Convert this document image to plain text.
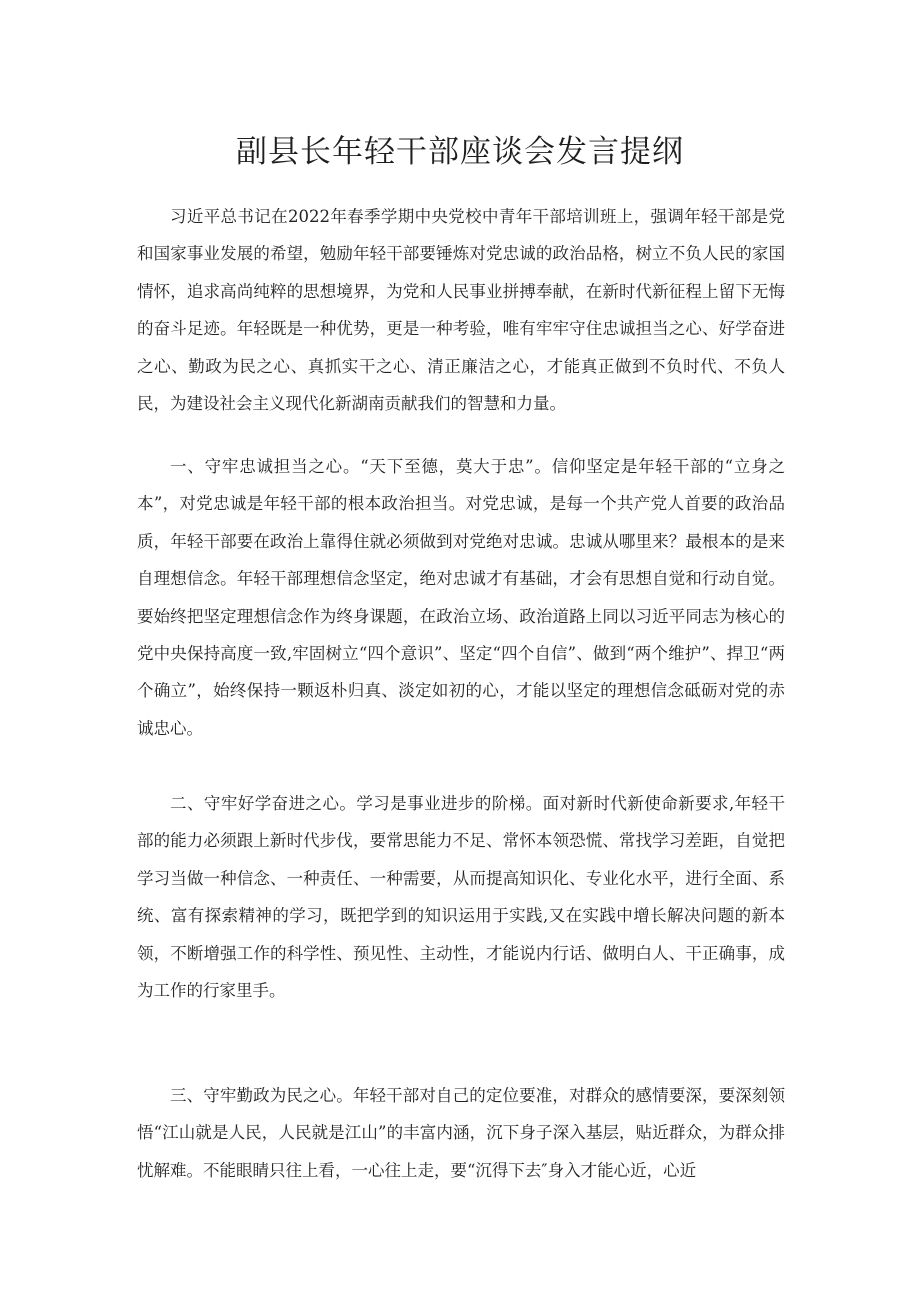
副县长年轻干部座谈会发言提纲

习近平总书记在2022年春季学期中央党校中青年干部培训班上，强调年轻干部是党和国家事业发展的希望，勉励年轻干部要锤炼对党忠诚的政治品格，树立不负人民的家国情怀，追求高尚纯粹的思想境界，为党和人民事业拼搏奉献，在新时代新征程上留下无悔的奋斗足迹。年轻既是一种优势，更是一种考验，唯有牢牢守住忠诚担当之心、好学奋进之心、勤政为民之心、真抓实干之心、清正廉洁之心，才能真正做到不负时代、不负人民，为建设社会主义现代化新湖南贡献我们的智慧和力量。

一、守牢忠诚担当之心。“天下至德，莫大于忠”。信仰坚定是年轻干部的“立身之本”，对党忠诚是年轻干部的根本政治担当。对党忠诚，是每一个共产党人首要的政治品质，年轻干部要在政治上靠得住就必须做到对党绝对忠诚。忠诚从哪里来？最根本的是来自理想信念。年轻干部理想信念坚定，绝对忠诚才有基础，才会有思想自觉和行动自觉。要始终把坚定理想信念作为终身课题，在政治立场、政治道路上同以习近平同志为核心的党中央保持高度一致,牢固树立“四个意识”、坚定“四个自信”、做到“两个维护”、捍卫“两个确立”，始终保持一颗返朴归真、淡定如初的心，才能以坚定的理想信念砥砺对党的赤诚忠心。

二、守牢好学奋进之心。学习是事业进步的阶梯。面对新时代新使命新要求,年轻干部的能力必须跟上新时代步伐，要常思能力不足、常怀本领恐慌、常找学习差距，自觉把学习当做一种信念、一种责任、一种需要，从而提高知识化、专业化水平，进行全面、系统、富有探索精神的学习，既把学到的知识运用于实践,又在实践中增长解决问题的新本领，不断增强工作的科学性、预见性、主动性，才能说内行话、做明白人、干正确事，成为工作的行家里手。

三、守牢勤政为民之心。年轻干部对自己的定位要准，对群众的感情要深，要深刻领悟“江山就是人民，人民就是江山”的丰富内涵，沉下身子深入基层，贴近群众，为群众排忧解难。不能眼睛只往上看，一心往上走，要“沉得下去″身入才能心近，心近
